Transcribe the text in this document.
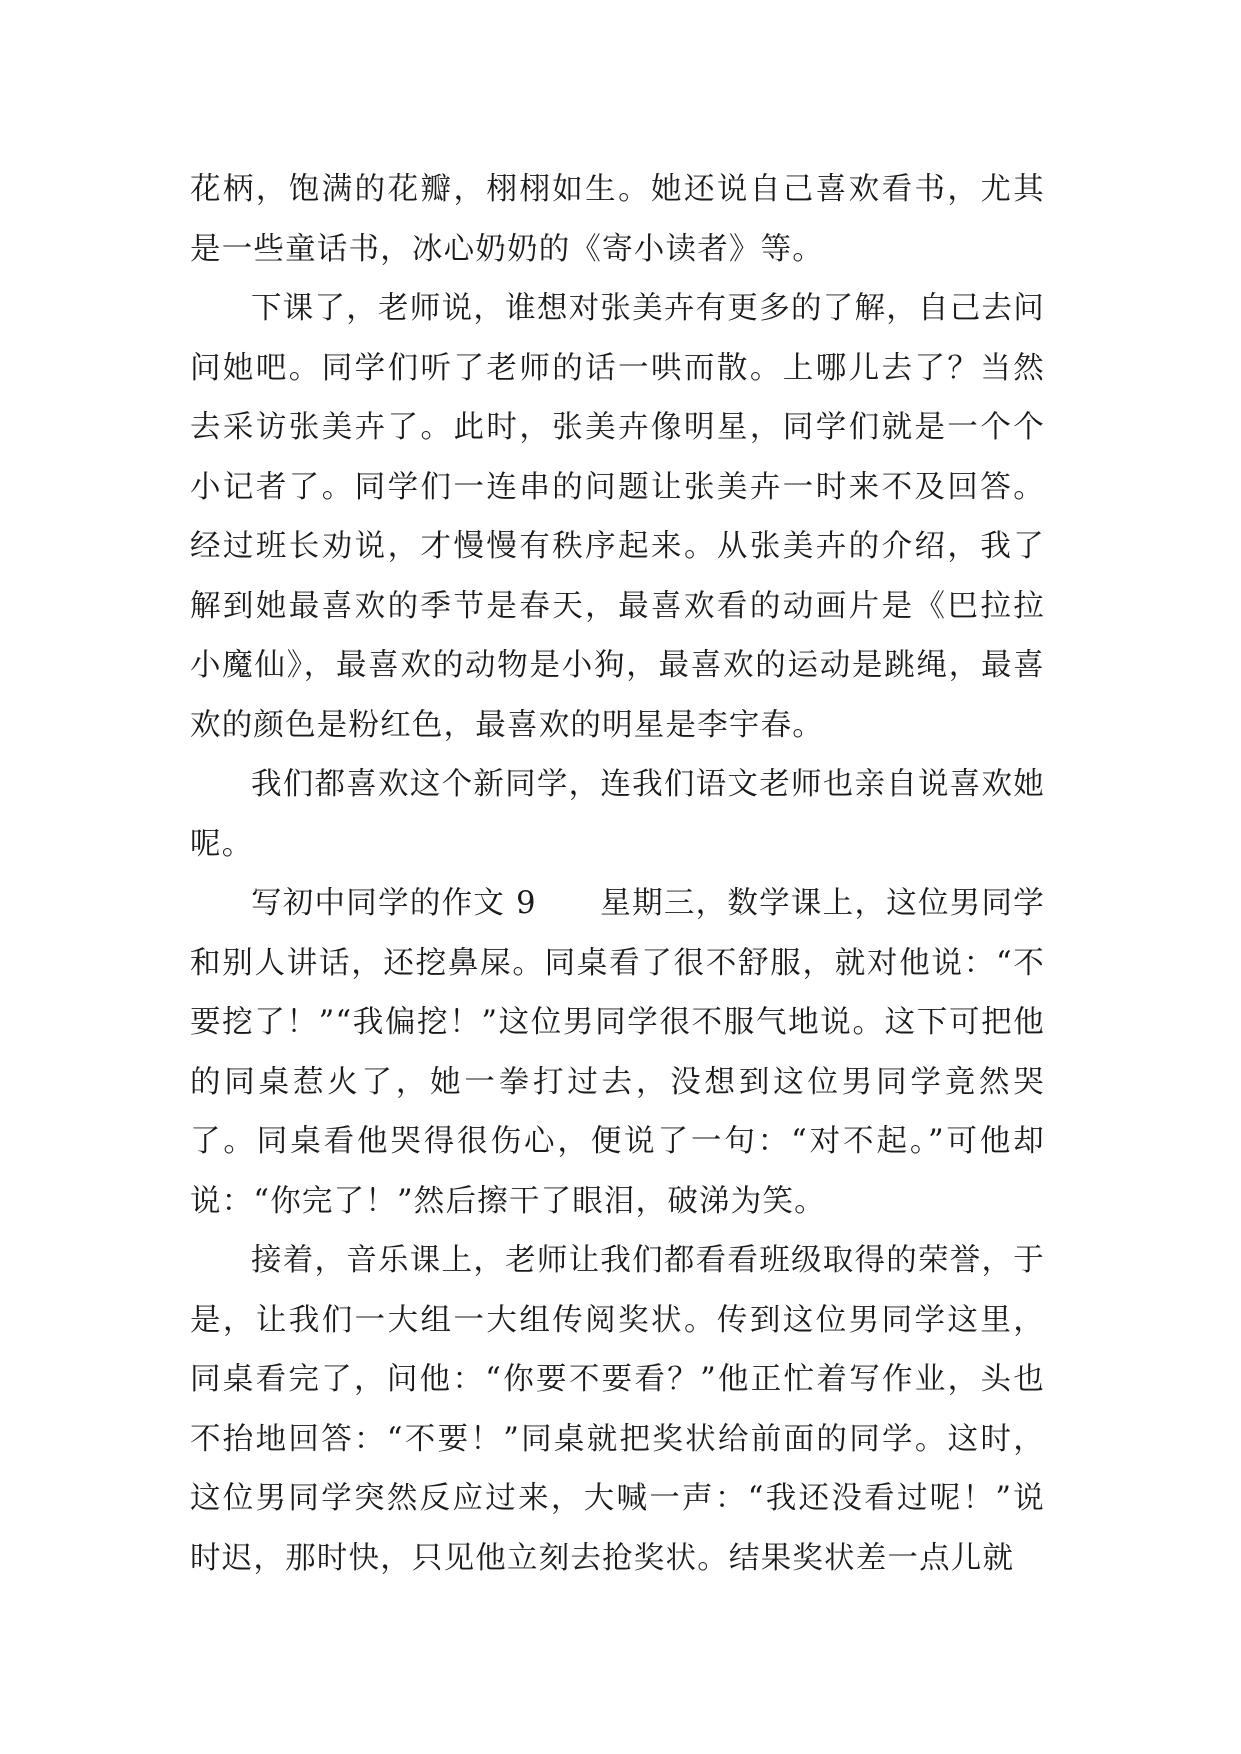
花柄，饱满的花瓣，栩栩如生。她还说自己喜欢看书，尤其是一些童话书，冰心奶奶的《寄小读者》等。

下课了，老师说，谁想对张美卉有更多的了解，自己去问问她吧。同学们听了老师的话一哄而散。上哪儿去了？当然去采访张美卉了。此时，张美卉像明星，同学们就是一个个小记者了。同学们一连串的问题让张美卉一时来不及回答。经过班长劝说，才慢慢有秩序起来。从张美卉的介绍，我了解到她最喜欢的季节是春天，最喜欢看的动画片是《巴拉拉小魔仙》，最喜欢的动物是小狗，最喜欢的运动是跳绳，最喜欢的颜色是粉红色，最喜欢的明星是李宇春。

我们都喜欢这个新同学，连我们语文老师也亲自说喜欢她呢。

写初中同学的作文 9　　星期三，数学课上，这位男同学和别人讲话，还挖鼻屎。同桌看了很不舒服，就对他说：“不要挖了！”“我偏挖！”这位男同学很不服气地说。这下可把他的同桌惹火了，她一拳打过去，没想到这位男同学竟然哭了。同桌看他哭得很伤心，便说了一句：“对不起。”可他却说：“你完了！”然后擦干了眼泪，破涕为笑。

接着，音乐课上，老师让我们都看看班级取得的荣誉，于是，让我们一大组一大组传阅奖状。传到这位男同学这里，同桌看完了，问他：“你要不要看？”他正忙着写作业，头也不抬地回答：“不要！”同桌就把奖状给前面的同学。这时，这位男同学突然反应过来，大喊一声：“我还没看过呢！”说时迟，那时快，只见他立刻去抢奖状。结果奖状差一点儿就
